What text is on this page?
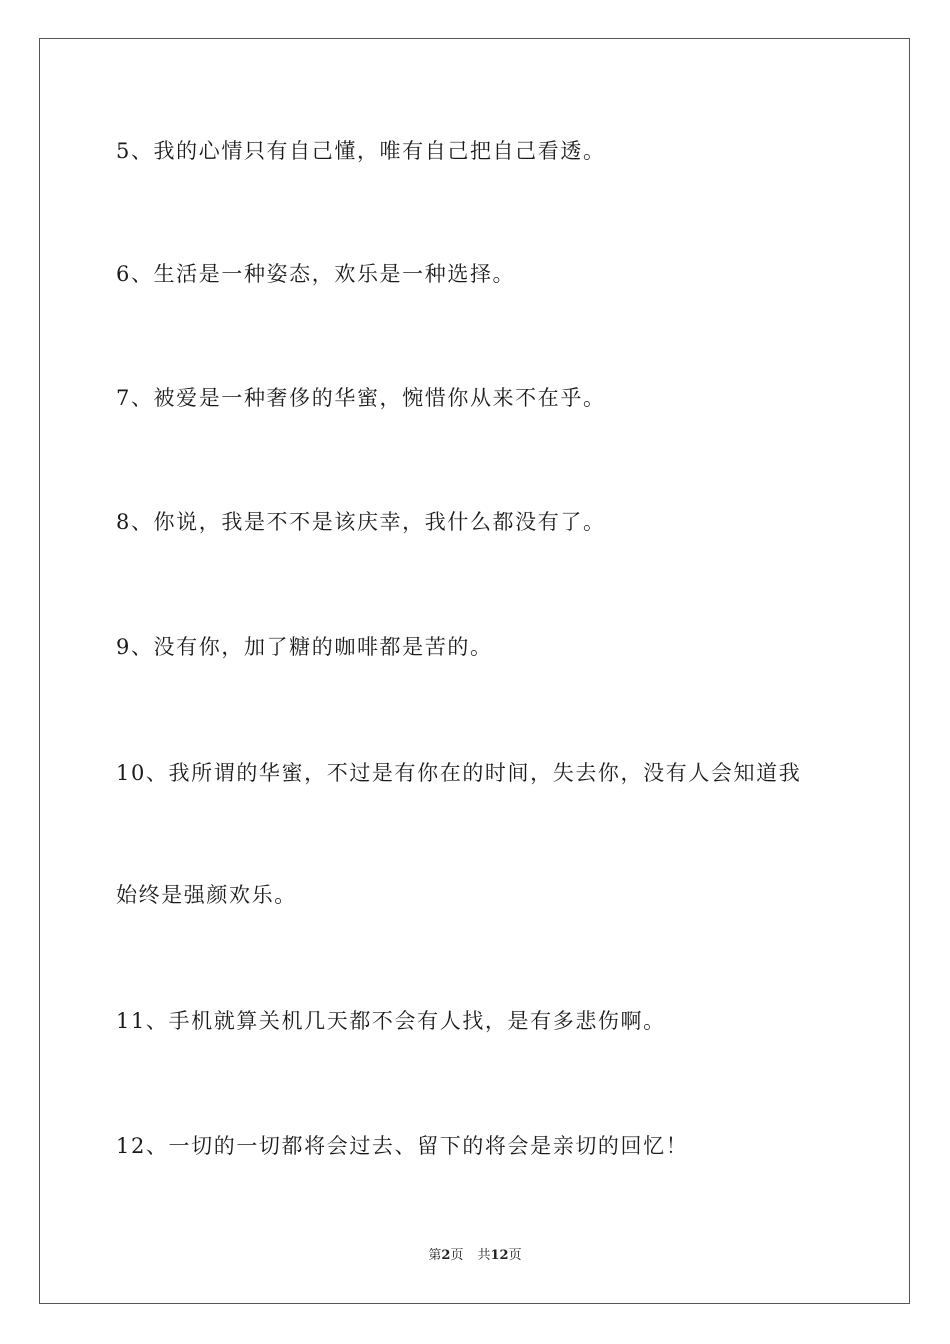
5、我的心情只有自己懂，唯有自己把自己看透。
6、生活是一种姿态，欢乐是一种选择。
7、被爱是一种奢侈的华蜜，惋惜你从来不在乎。
8、你说，我是不不是该庆幸，我什么都没有了。
9、没有你，加了糖的咖啡都是苦的。
10、我所谓的华蜜，不过是有你在的时间，失去你，没有人会知道我
始终是强颜欢乐。
11、手机就算关机几天都不会有人找，是有多悲伤啊。
12、一切的一切都将会过去、留下的将会是亲切的回忆！
第2页 共12页
